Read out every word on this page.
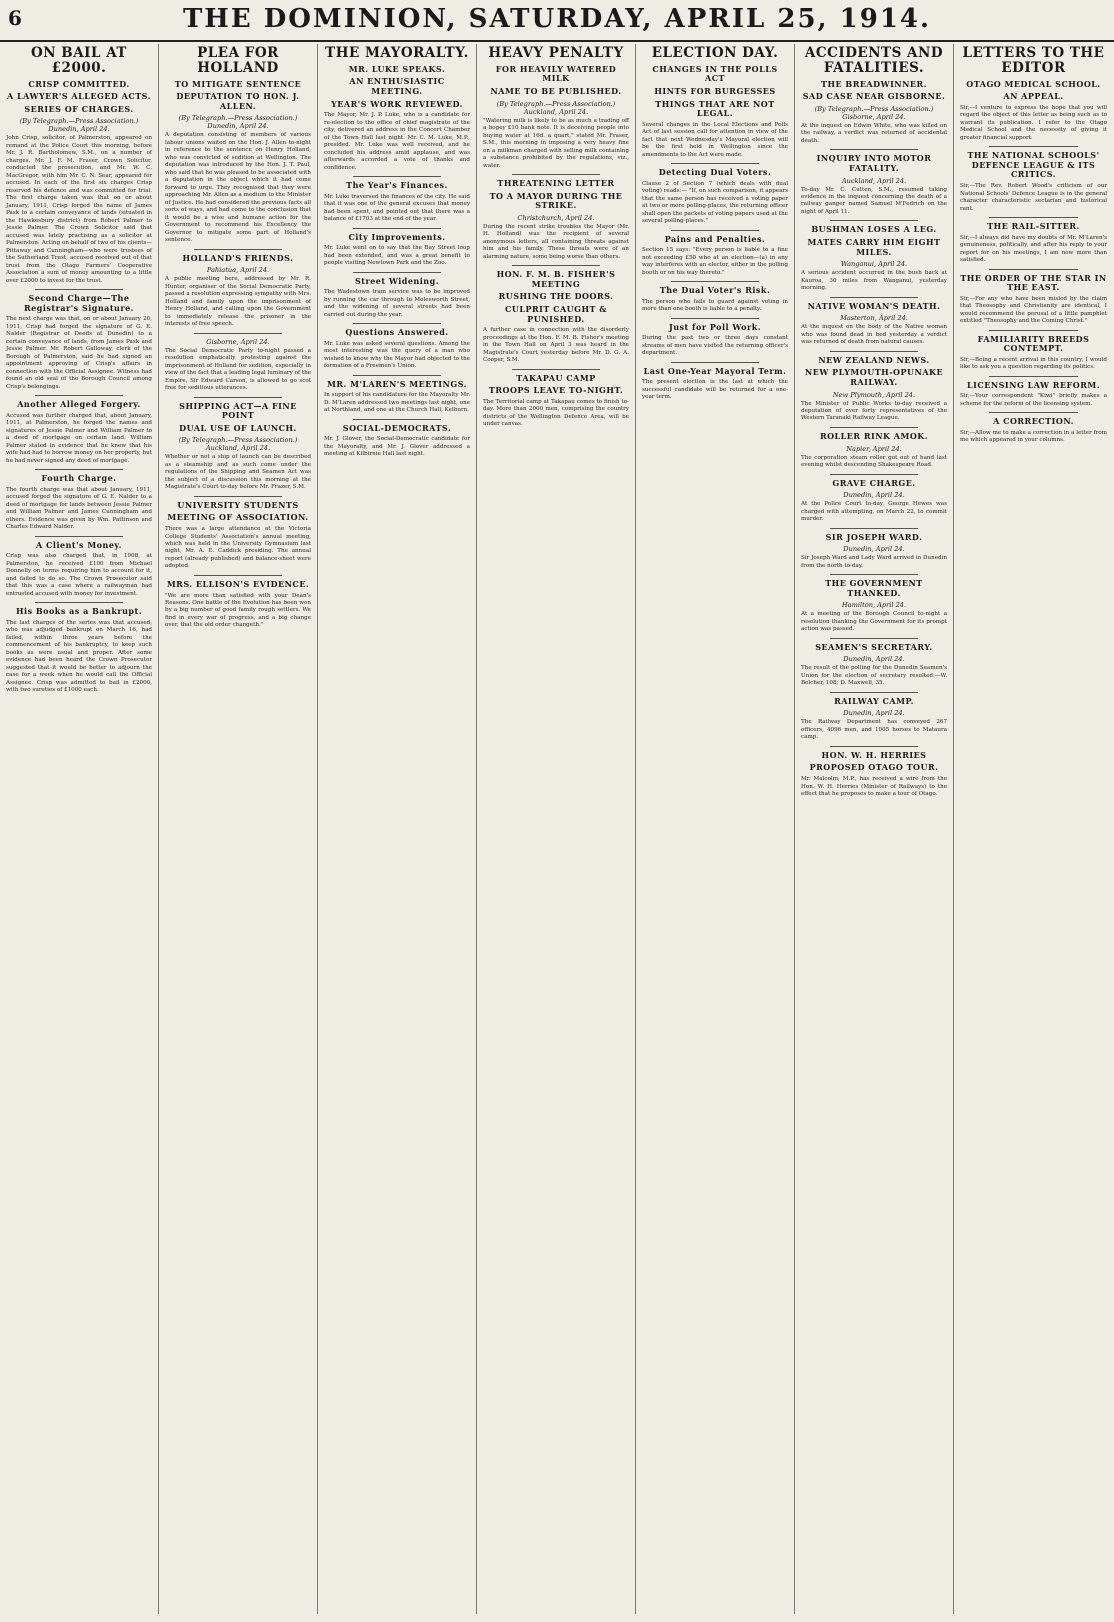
6	THE DOMINION, SATURDAY, APRIL 25, 1914.
ON BAIL AT £2000.
CRISP COMMITTED.
A LAWYER'S ALLEGED ACTS.
SERIES OF CHARGES.
(By Telegraph.—Press Association.) Dunedin, April 24.
John Crisp, solicitor, of Palmerston, appeared on remand at the Police Court this morning, before Mr. J. R. Bartholomew, S.M., on a number of charges. Mr. J. F. M. Fraser, Crown Solicitor, conducted the prosecution, and Mr. W. C. MacGregor, with him Mr. C. N. Sear, appeared for accused. In each of the first six charges Crisp reserved his defence and was committed for trial. The first charge taken was that on or about January, 1911, Crisp forged the name of James Pask to a certain conveyance of lands (situated in the Hawkesbury district) from Robert Palmer to Jessie Palmer. The Crown Solicitor said that accused was lately practising as a solicitor at Palmerston. Acting on behalf of two of his clients—Pittaway and Cunningham—who were trustees of the Sutherland Trust, accused received out of that trust from the Otago Farmers' Cooperative Association a sum of money amounting to a little over £2000 to invest for the trust.
Second Charge—The Registrar's Signature.
The next charge was that, on or about January 20, 1911, Crisp had forged the signature of G. E. Nalder (Registrar of Deeds at Dunedin) to a certain conveyance of lands, from James Pask and Jessie Palmer. Mr. Robert Galloway, clerk of the Borough of Palmerston, said he had signed an appointment approving of Crisp's affairs in connection with the Official Assignee. Witness had found an old seal of the Borough Council among Crisp's belongings.
Another Alleged Forgery.
Accused was further charged that, about January, 1911, at Palmerston, he forged the names and signatures of Jessie Palmer and William Palmer to a deed of mortgage on certain land. William Palmer stated in evidence that he knew that his wife had had to borrow money on her property, but he had never signed any deed of mortgage.
Fourth Charge.
The fourth charge was that about January, 1911, accused forged the signature of G. E. Nalder to a deed of mortgage for lands between Jessie Palmer and William Palmer and James Cunningham and others. Evidence was given by Wm. Pattinson and Charles Edward Nalder.
A Client's Money.
Crisp was also charged that, in 1908, at Palmerston, he received £100 from Michael Donnelly on terms requiring him to account for it, and failed to do so. The Crown Prosecutor said that this was a case where a railwayman had entrusted accused with money for investment.
His Books as a Bankrupt.
The last charges of the series was that accused, who was adjudged bankrupt on March 16, had failed, within three years before the commencement of his bankruptcy, to keep such books as were usual and proper. After some evidence had been heard the Crown Prosecutor suggested that it would be better to adjourn the case for a week when he would call the Official Assignee. Crisp was admitted to bail in £2000, with two sureties of £1000 each.
PLEA FOR HOLLAND
TO MITIGATE SENTENCE
DEPUTATION TO HON. J. ALLEN.
(By Telegraph.—Press Association.) Dunedin, April 24.
A deputation consisting of members of various labour unions waited on the Hon. J. Allen to-night in reference to the sentence on Henry Holland, who was convicted of sedition at Wellington. The deputation was introduced by the Hon. J. T. Paul, who said that he was pleased to be associated with a deputation in the object which it had come forward to urge. They recognised that they were approaching Mr. Allen as a medium to the Minister of Justice. He had considered the previous facts all sorts of ways, and had come to the conclusion that it would be a wise and humane action for the Government to recommend his Excellency the Governor to mitigate some part of Holland's sentence.
HOLLAND'S FRIENDS.
Pahiatua, April 24.
A public meeting here, addressed by Mr. R. Hunter, organiser of the Social Democratic Party, passed a resolution expressing sympathy with Mrs. Holland and family upon the imprisonment of Henry Holland, and calling upon the Government to immediately release the prisoner in the interests of free speech.
Gisborne, April 24.
The Social Democratic Party to-night passed a resolution emphatically protesting against the imprisonment of Holland for sedition, especially in view of the fact that a leading legal luminary of the Empire, Sir Edward Carson, is allowed to go scot free for seditious utterances.
SHIPPING ACT—A FINE POINT
DUAL USE OF LAUNCH.
(By Telegraph.—Press Association.) Auckland, April 24.
Whether or not a ship of launch can be described as a steamship and as such come under the regulations of the Shipping and Seamen Act was the subject of a discussion this morning at the Magistrate's Court to-day before Mr. Frazer, S.M.
UNIVERSITY STUDENTS
MEETING OF ASSOCIATION.
There was a large attendance at the Victoria College Students' Association's annual meeting, which was held in the University Gymnasium last night, Mr. A. E. Caddick presiding. The annual report (already published) and balance-sheet were adopted.
MRS. ELLISON'S EVIDENCE.
"We are more than satisfied with your Dean's Reasons. One battle of the Evolution has been won by a big number of good family rough settlers. We find in every war of progress, and a big change over, that the old order changeth."
THE MAYORALTY.
MR. LUKE SPEAKS.
AN ENTHUSIASTIC MEETING.
YEAR'S WORK REVIEWED.
The Mayor, Mr. J. P. Luke, who is a candidate for re-election to the office of chief magistrate of the city, delivered an address in the Concert Chamber of the Town Hall last night. Mr. C. M. Luke, M.P., presided. Mr. Luke was well received, and he concluded his address amid applause, and was afterwards accorded a vote of thanks and confidence.
The Year's Finances.
Mr. Luke traversed the finances of the city. He said that it was one of the general excuses that money had been spent, and pointed out that there was a balance of £1703 at the end of the year.
City Improvements.
Mr. Luke went on to say that the Bay Street loop had been extended, and was a great benefit to people visiting Newtown Park and the Zoo.
Street Widening.
The Wadestown tram service was to be improved by running the car through to Molesworth Street, and the widening of several streets had been carried out during the year.
Questions Answered.
Mr. Luke was asked several questions. Among the most interesting was the query of a man who wished to know why the Mayor had objected to the formation of a Freemen's Union.
MR. M'LAREN'S MEETINGS.
In support of his candidature for the Mayoralty Mr. D. M'Laren addressed two meetings last night, one at Northland, and one at the Church Hall, Kelburn.
SOCIAL-DEMOCRATS.
Mr. J. Glover, the Social-Democratic candidate for the Mayoralty, and Mr. J. Glover addressed a meeting at Kilbirnie Hall last night.
HEAVY PENALTY
FOR HEAVILY WATERED MILK
NAME TO BE PUBLISHED.
(By Telegraph.—Press Association.) Auckland, April 24.
"Watering milk is likely to be as much a trading off a bogey £10 bank note. It is deceiving people into buying water at 16d. a quart," stated Mr. Fraser, S.M., this morning in imposing a very heavy fine on a milkman charged with selling milk containing a substance prohibited by the regulations, viz., water.
THREATENING LETTER
TO A MAYOR DURING THE STRIKE.
Christchurch, April 24.
During the recent strike troubles the Mayor (Mr. H. Holland) was the recipient of several anonymous letters, all containing threats against him and his family. These threats were of an alarming nature, some being worse than others.
HON. F. M. B. FISHER'S MEETING
RUSHING THE DOORS.
CULPRIT CAUGHT & PUNISHED.
A further case in connection with the disorderly proceedings at the Hon. F. M. B. Fisher's meeting in the Town Hall on April 3 was heard in the Magistrate's Court yesterday before Mr. D. G. A. Cooper, S.M.
TAKAPAU CAMP
TROOPS LEAVE TO-NIGHT.
The Territorial camp at Takapau comes to finish to-day. More than 2000 men, comprising the country districts of the Wellington Defence Area, will be under canvas.
ELECTION DAY.
CHANGES IN THE POLLS ACT
HINTS FOR BURGESSES
THINGS THAT ARE NOT LEGAL.
Several changes in the Local Elections and Polls Act of last session call for attention in view of the fact that next Wednesday's Mayoral election will be the first held in Wellington since the amendments to the Act were made.
Detecting Dual Voters.
Clause 2 of Section 7 (which deals with dual voting) reads:— "If, on such comparison, it appears that the same person has received a voting paper at two or more polling-places, the returning officer shall open the packets of voting papers used at the several polling-places."
Pains and Penalties.
Section 15 says: "Every person is liable to a fine not exceeding £50 who at an election—(a) in any way interferes with an elector, either in the polling booth or on his way thereto."
The Dual Voter's Risk.
The person who fails to guard against voting in more than one booth is liable to a penalty.
Just for Poll Work.
During the past two or three days constant streams of men have visited the returning officer's department.
Last One-Year Mayoral Term.
The present election is the last at which the successful candidate will be returned for a one-year term.
ACCIDENTS AND FATALITIES.
THE BREADWINNER.
SAD CASE NEAR GISBORNE.
(By Telegraph.—Press Association.) Gisborne, April 24.
At the inquest on Edwin White, who was killed on the railway, a verdict was returned of accidental death.
INQUIRY INTO MOTOR FATALITY.
Auckland, April 24.
To-day Mr. C. Cutten, S.M., resumed taking evidence in the inquest concerning the death of a railway ganger named Samuel M'Fedrich on the night of April 11.
BUSHMAN LOSES A LEG.
MATES CARRY HIM EIGHT MILES.
Wanganui, April 24.
A serious accident occurred in the bush back at Kauroa, 30 miles from Wanganui, yesterday morning.
NATIVE WOMAN'S DEATH.
Masterton, April 24.
At the inquest on the body of the Native woman who was found dead in bed yesterday a verdict was returned of death from natural causes.
NEW ZEALAND NEWS.
NEW PLYMOUTH-OPUNAKE RAILWAY.
New Plymouth, April 24.
The Minister of Public Works to-day received a deputation of over forty representatives of the Western Taranaki Railway League.
ROLLER RINK AMOK.
Napier, April 24.
The corporation steam roller got out of hand last evening whilst descending Shakespeare Road.
GRAVE CHARGE.
Dunedin, April 24.
At the Police Court to-day, George Hewes was charged with attempting, on March 22, to commit murder.
SIR JOSEPH WARD.
Dunedin, April 24.
Sir Joseph Ward and Lady Ward arrived in Dunedin from the north to-day.
THE GOVERNMENT THANKED.
Hamilton, April 24.
At a meeting of the Borough Council to-night a resolution thanking the Government for its prompt action was passed.
SEAMEN'S SECRETARY.
Dunedin, April 24.
The result of the polling for the Dunedin Seamen's Union for the election of secretary resulted:—W. Belcher, 108; D. Maxwell, 35.
RAILWAY CAMP.
Dunedin, April 24.
The Railway Department has conveyed 267 officers, 4096 men, and 1005 horses to Mataura camp.
HON. W. H. HERRIES
PROPOSED OTAGO TOUR.
Mr. Malcolm, M.P., has received a wire from the Hon. W. H. Herries (Minister of Railways) to the effect that he proposes to make a tour of Otago.
LETTERS TO THE EDITOR
OTAGO MEDICAL SCHOOL.
AN APPEAL.
Sir,—I venture to express the hope that you will regard the object of this letter as being such as to warrant its publication. I refer to the Otago Medical School and the necessity of giving it greater financial support.
THE NATIONAL SCHOOLS' DEFENCE LEAGUE & ITS CRITICS.
Sir,—The Rev. Robert Wood's criticism of our National Schools' Defence League is in the general character characteristic sectarian and historical rant.
THE RAIL-SITTER.
Sir,—I always did have my doubts of Mr. M'Laren's genuineness, politically, and after his reply to your report for on his meetings, I am now more than satisfied.
THE ORDER OF THE STAR IN THE EAST.
Sir,—For any who have been misled by the claim that Theosophy and Christianity are identical, I would recommend the perusal of a little pamphlet entitled "Theosophy and the Coming Christ."
FAMILIARITY BREEDS CONTEMPT.
Sir,—Being a recent arrival in this country, I would like to ask you a question regarding its politics.
LICENSING LAW REFORM.
Sir,—Your correspondent "Kiwi" briefly makes a scheme for the reform of the licensing system.
A CORRECTION.
Sir,—Allow me to make a correction in a letter from me which appeared in your columns.
